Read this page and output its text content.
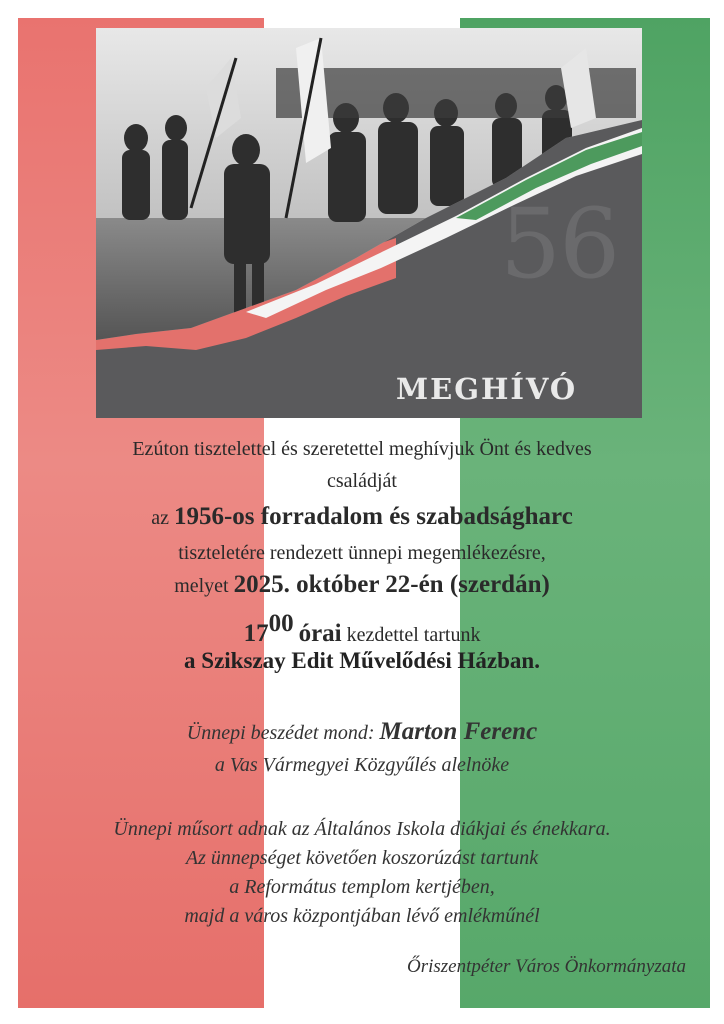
56
MEGHÍVÓ

Ezúton tisztelettel és szeretettel meghívjuk Önt és kedves

családját

az 1956-os forradalom és szabadságharc

tiszteletére rendezett ünnepi megemlékezésre,

melyet 2025. október 22-én (szerdán)

$17^{00}$ órai kezdettel tartunk

a Szikszay Edit Művelődési Házban.

Ünnepi beszédet mond: Marton Ferenc

a Vas Vármegyei Közgyűlés alelnöke

Ünnepi műsort adnak az Általános Iskola diákjai és énekkara.

Az ünnepséget követően koszorúzást tartunk

a Református templom kertjében,

majd a város központjában lévő emlékműnél

Őriszentpéter Város Önkormányzata
